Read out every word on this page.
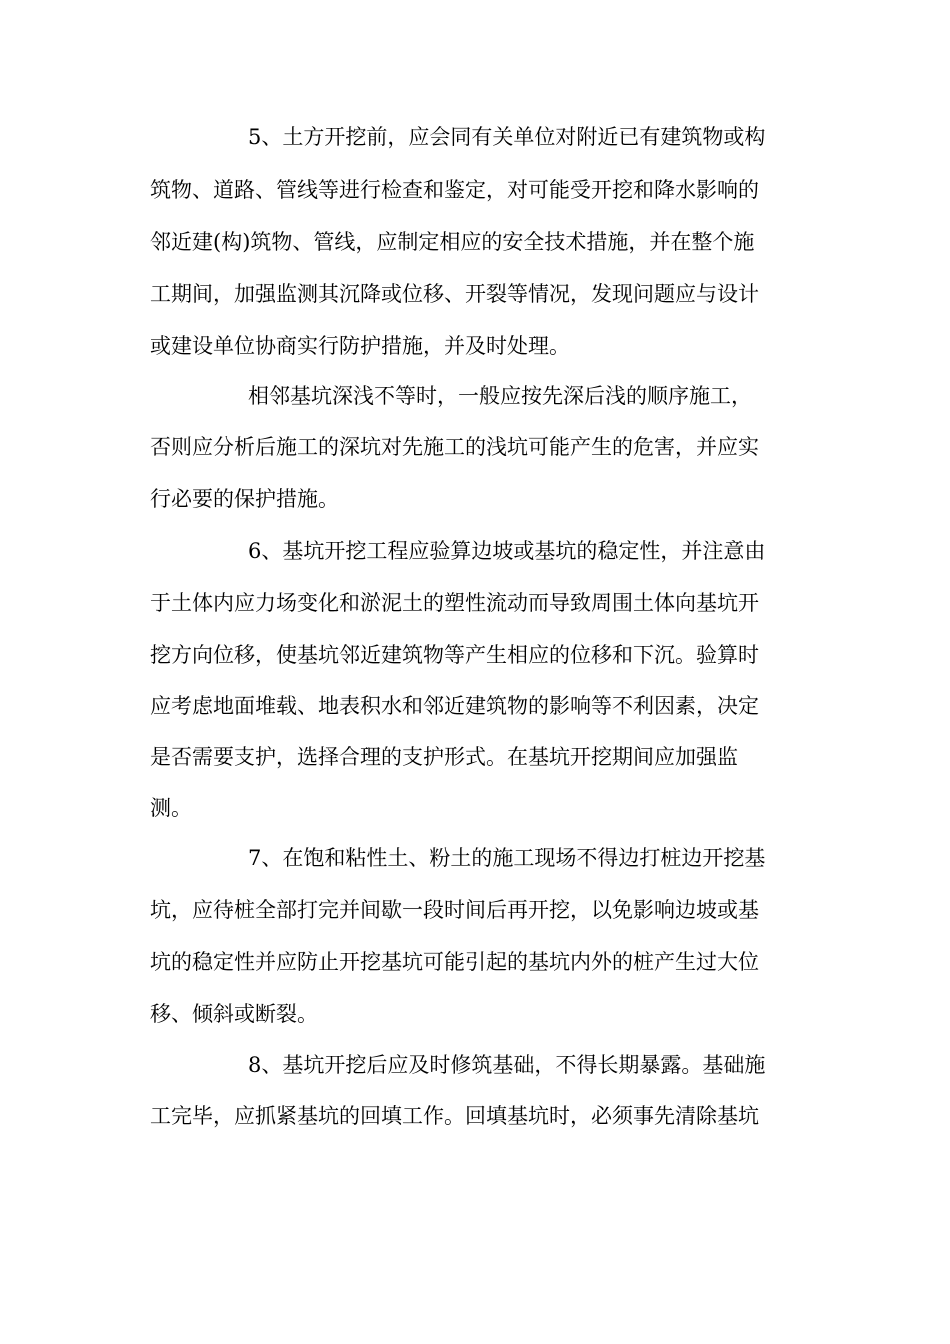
5、土方开挖前，应会同有关单位对附近已有建筑物或构
筑物、道路、管线等进行检查和鉴定，对可能受开挖和降水影响的
邻近建(构)筑物、管线，应制定相应的安全技术措施，并在整个施
工期间，加强监测其沉降或位移、开裂等情况，发现问题应与设计
或建设单位协商实行防护措施，并及时处理。
相邻基坑深浅不等时，一般应按先深后浅的顺序施工，
否则应分析后施工的深坑对先施工的浅坑可能产生的危害，并应实
行必要的保护措施。
6、基坑开挖工程应验算边坡或基坑的稳定性，并注意由
于土体内应力场变化和淤泥土的塑性流动而导致周围土体向基坑开
挖方向位移，使基坑邻近建筑物等产生相应的位移和下沉。验算时
应考虑地面堆载、地表积水和邻近建筑物的影响等不利因素，决定
是否需要支护，选择合理的支护形式。在基坑开挖期间应加强监
测。
7、在饱和粘性土、粉土的施工现场不得边打桩边开挖基
坑，应待桩全部打完并间歇一段时间后再开挖，以免影响边坡或基
坑的稳定性并应防止开挖基坑可能引起的基坑内外的桩产生过大位
移、倾斜或断裂。
8、基坑开挖后应及时修筑基础，不得长期暴露。基础施
工完毕，应抓紧基坑的回填工作。回填基坑时，必须事先清除基坑
